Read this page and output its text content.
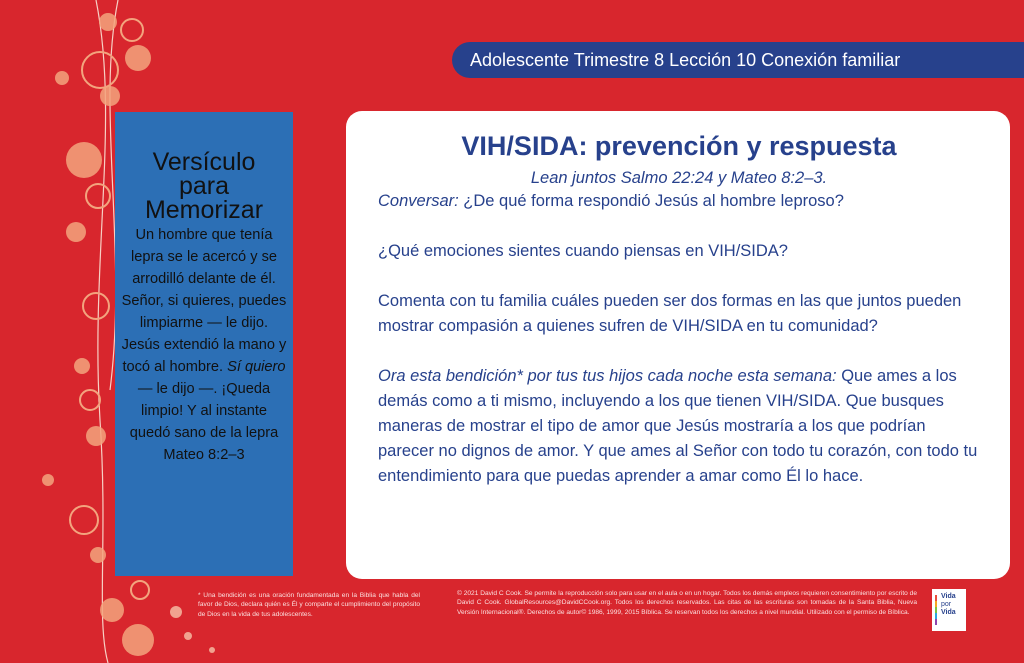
Adolescente Trimestre 8 Lección 10 Conexión familiar
Versículo
para
Memorizar

Un hombre que tenía lepra se le acercó y se arrodilló delante de él. Señor, si quieres, puedes limpiarme — le dijo. Jesús extendió la mano y tocó al hombre. Sí quiero — le dijo —. ¡Queda limpio! Y al instante quedó sano de la lepra
Mateo 8:2–3

VIH/SIDA: prevención y respuesta
Lean juntos Salmo 22:24 y Mateo 8:2–3.

Conversar: ¿De qué forma respondió Jesús al hombre leproso?

¿Qué emociones sientes cuando piensas en VIH/SIDA?

Comenta con tu familia cuáles pueden ser dos formas en las que juntos pueden mostrar compasión a quienes sufren de VIH/SIDA en tu comunidad?

Ora esta bendición* por tus tus hijos cada noche esta semana: Que ames a los demás como a ti mismo, incluyendo a los que tienen VIH/SIDA. Que busques maneras de mostrar el tipo de amor que Jesús mostraría a los que podrían parecer no dignos de amor. Y que ames al Señor con todo tu corazón, con todo tu entendimiento para que puedas aprender a amar como Él lo hace.

* Una bendición es una oración fundamentada en la Biblia que habla del favor de Dios, declara quién es Él y comparte el cumplimiento del propósito de Dios en la vida de tus adolescentes.
© 2021 David C Cook. Se permite la reproducción solo para usar en el aula o en un hogar. Todos los demás empleos requieren consentimiento por escrito de David C Cook. GlobalResources@DavidCCook.org. Todos los derechos reservados. Las citas de las escrituras son tomadas de la Santa Biblia, Nueva Versión Internacional®. Derechos de autor© 1986, 1999, 2015 Bíblica. Se reservan todos los derechos a nivel mundial. Utilizado con el permiso de Bíblica.
Vida
por
Vida
